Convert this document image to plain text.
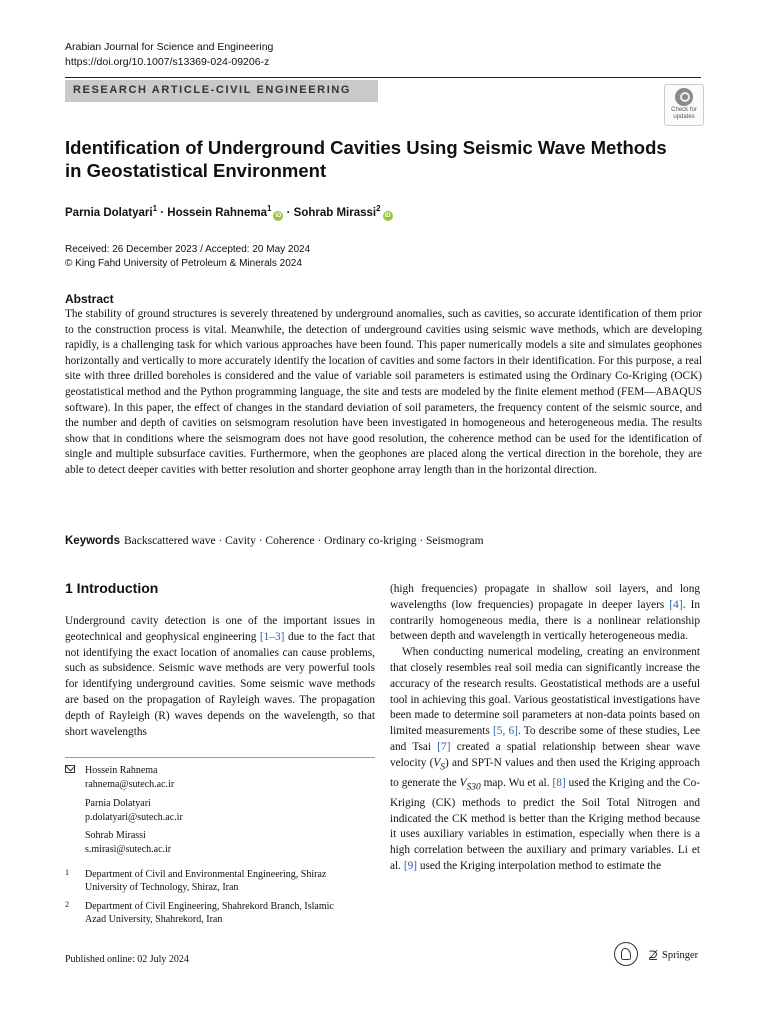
Arabian Journal for Science and Engineering
https://doi.org/10.1007/s13369-024-09206-z
RESEARCH ARTICLE-CIVIL ENGINEERING
Check for
updates
Identification of Underground Cavities Using Seismic Wave Methods
in Geostatistical Environment
Parnia Dolatyari$^1$ · Hossein Rahnema$^1$iD · Sohrab Mirassi$^2$iD
Received: 26 December 2023 / Accepted: 20 May 2024
© King Fahd University of Petroleum & Minerals 2024
Abstract
The stability of ground structures is severely threatened by underground anomalies, such as cavities, so accurate identification of them prior to the construction process is vital. Meanwhile, the detection of underground cavities using seismic wave methods, which are developing rapidly, is a challenging task for which various approaches have been found. This paper numerically models a site and simulates geophones horizontally and vertically to more accurately identify the location of cavities and some factors in their identification. For this purpose, a real site with three drilled boreholes is considered and the value of variable soil parameters is estimated using the Ordinary Co-Kriging (OCK) geostatistical method and the Python programming language, the site and tests are modeled by the finite element method (FEM—ABAQUS software). In this paper, the effect of changes in the standard deviation of soil parameters, the frequency content of the seismic source, and the number and depth of cavities on seismogram resolution have been investigated in homogeneous and heterogeneous media. The results show that in conditions where the seismogram does not have good resolution, the coherence method can be used for the identification of single and multiple subsurface cavities. Furthermore, when the geophones are placed along the vertical direction in the borehole, they are able to detect deeper cavities with better resolution and shorter geophone array length than in the horizontal direction.
Keywords Backscattered wave · Cavity · Coherence · Ordinary co-kriging · Seismogram
1 Introduction

Underground cavity detection is one of the important issues in geotechnical and geophysical engineering [1–3] due to the fact that not identifying the exact location of anomalies can cause problems, such as subsidence. Seismic wave methods are very powerful tools for identifying underground cavities. Some seismic wave methods are based on the propagation of Rayleigh waves. The propagation depth of Rayleigh (R) waves depends on the wavelength, so that short wavelengths

(high frequencies) propagate in shallow soil layers, and long wavelengths (low frequencies) propagate in deeper layers [4]. In contrarily homogeneous media, there is a nonlinear relationship between depth and wavelength in vertically heterogeneous media.

When conducting numerical modeling, creating an environment that closely resembles real soil media can significantly increase the accuracy of the research results. Geostatistical methods are a useful tool in achieving this goal. Various geostatistical investigations have been made to determine soil parameters at non-data points based on limited measurements [5, 6]. To describe some of these studies, Lee and Tsai [7] created a spatial relationship between shear wave velocity $(V_S)$ and SPT-N values and then used the Kriging approach to generate the $V_{S30}$ map. Wu et al. [8] used the Kriging and the Co-Kriging (CK) methods to predict the Soil Total Nitrogen and indicated the CK method is better than the Kriging method because it uses auxiliary variables in estimation, especially when there is a high correlation between the auxiliary and primary variables. Li et al. [9] used the Kriging interpolation method to estimate the

Hossein Rahnema
rahnema@sutech.ac.ir
Parnia Dolatyari
p.dolatyari@sutech.ac.ir
Sohrab Mirassi
s.mirasi@sutech.ac.ir
1 Department of Civil and Environmental Engineering, Shiraz
University of Technology, Shiraz, Iran
2 Department of Civil Engineering, Shahrekord Branch, Islamic
Azad University, Shahrekord, Iran
Published online: 02 July 2024	⊉ Springer
